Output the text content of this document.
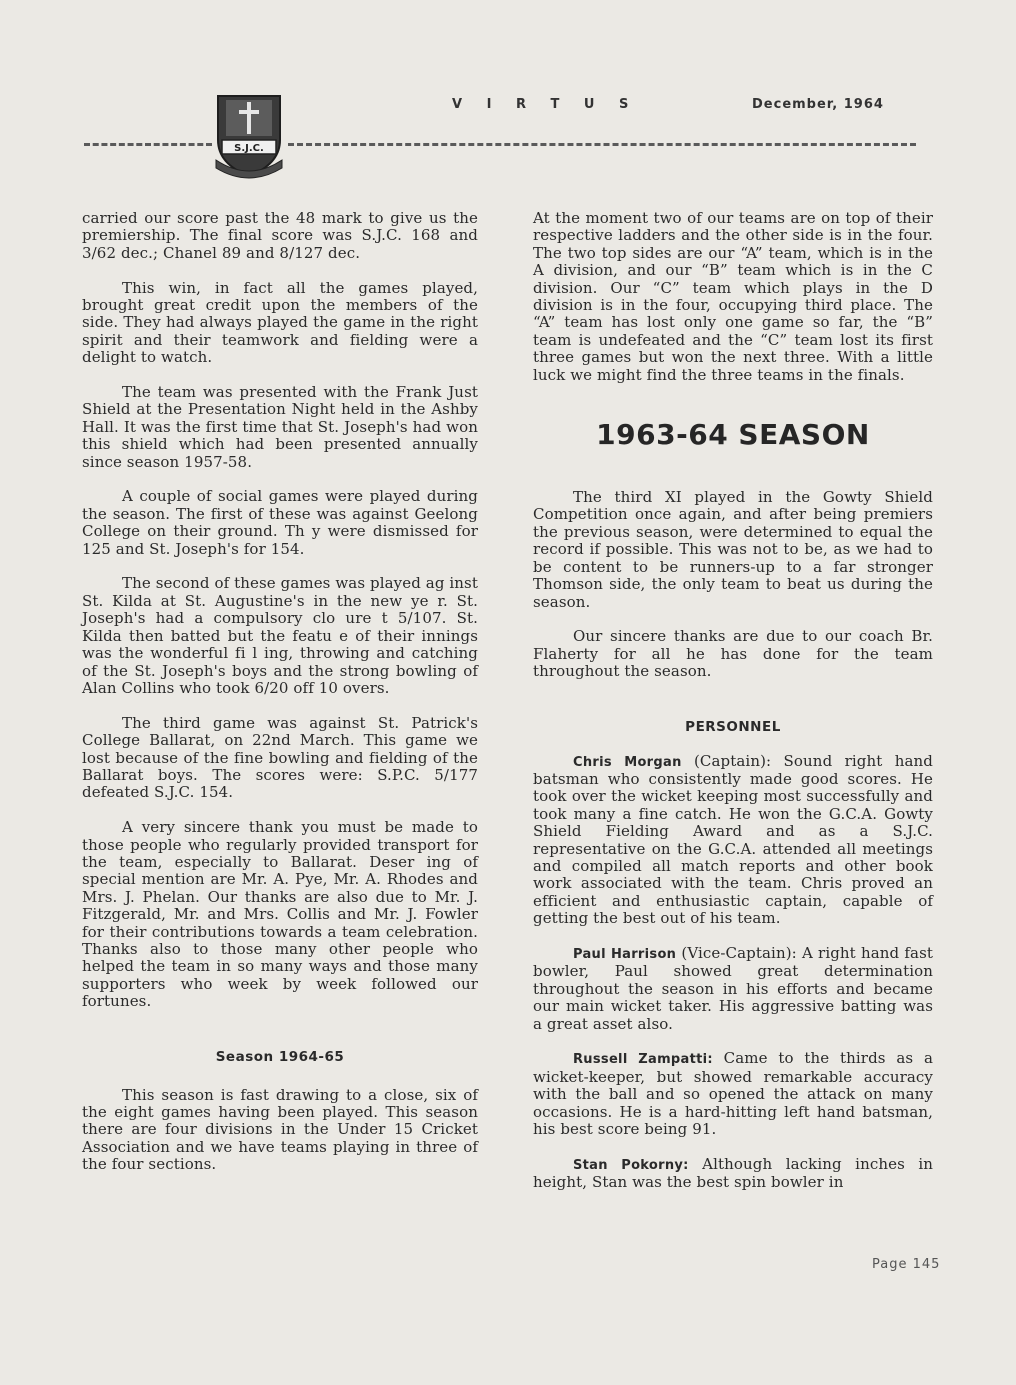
S.J.C.
V I R T U S	December, 1964

carried our score past the 48 mark to give us the premiership. The final score was S.J.C. 168 and 3/62 dec.; Chanel 89 and 8/127 dec.

This win, in fact all the games played, brought great credit upon the members of the side. They had always played the game in the right spirit and their teamwork and fielding were a delight to watch.

The team was presented with the Frank Just Shield at the Presentation Night held in the Ashby Hall. It was the first time that St. Joseph's had won this shield which had been presented annually since season 1957-58.

A couple of social games were played during the season. The first of these was against Geelong College on their ground. Th y were dismissed for 125 and St. Joseph's for 154.

The second of these games was played ag inst St. Kilda at St. Augustine's in the new ye r. St. Joseph's had a compulsory clo ure t 5/107. St. Kilda then batted but the featu e of their innings was the wonderful fi l ing, throwing and catching of the St. Joseph's boys and the strong bowling of Alan Collins who took 6/20 off 10 overs.

The third game was against St. Patrick's College Ballarat, on 22nd March. This game we lost because of the fine bowling and fielding of the Ballarat boys. The scores were: S.P.C. 5/177 defeated S.J.C. 154.

A very sincere thank you must be made to those people who regularly provided transport for the team, especially to Ballarat. Deser ing of special mention are Mr. A. Pye, Mr. A. Rhodes and Mrs. J. Phelan. Our thanks are also due to Mr. J. Fitzgerald, Mr. and Mrs. Collis and Mr. J. Fowler for their contributions towards a team celebration. Thanks also to those many other people who helped the team in so many ways and those many supporters who week by week followed our fortunes.

Season 1964-65

This season is fast drawing to a close, six of the eight games having been played. This season there are four divisions in the Under 15 Cricket Association and we have teams playing in three of the four sections.

At the moment two of our teams are on top of their respective ladders and the other side is in the four. The two top sides are our “A” team, which is in the A division, and our “B” team which is in the C division. Our “C” team which plays in the D division is in the four, occupying third place. The “A” team has lost only one game so far, the “B” team is undefeated and the “C” team lost its first three games but won the next three. With a little luck we might find the three teams in the finals.

1963-64 SEASON

The third XI played in the Gowty Shield Competition once again, and after being premiers the previous season, were determined to equal the record if possible. This was not to be, as we had to be content to be runners-up to a far stronger Thomson side, the only team to beat us during the season.

Our sincere thanks are due to our coach Br. Flaherty for all he has done for the team throughout the season.

PERSONNEL

Chris Morgan (Captain): Sound right hand batsman who consistently made good scores. He took over the wicket keeping most successfully and took many a fine catch. He won the G.C.A. Gowty Shield Fielding Award and as a S.J.C. representative on the G.C.A. attended all meetings and compiled all match reports and other book work associated with the team. Chris proved an efficient and enthusiastic captain, capable of getting the best out of his team.

Paul Harrison (Vice-Captain): A right hand fast bowler, Paul showed great determination throughout the season in his efforts and became our main wicket taker. His aggressive batting was a great asset also.

Russell Zampatti: Came to the thirds as a wicket-keeper, but showed remarkable accuracy with the ball and so opened the attack on many occasions. He is a hard-hitting left hand batsman, his best score being 91.

Stan Pokorny: Although lacking inches in height, Stan was the best spin bowler in

Page 145
